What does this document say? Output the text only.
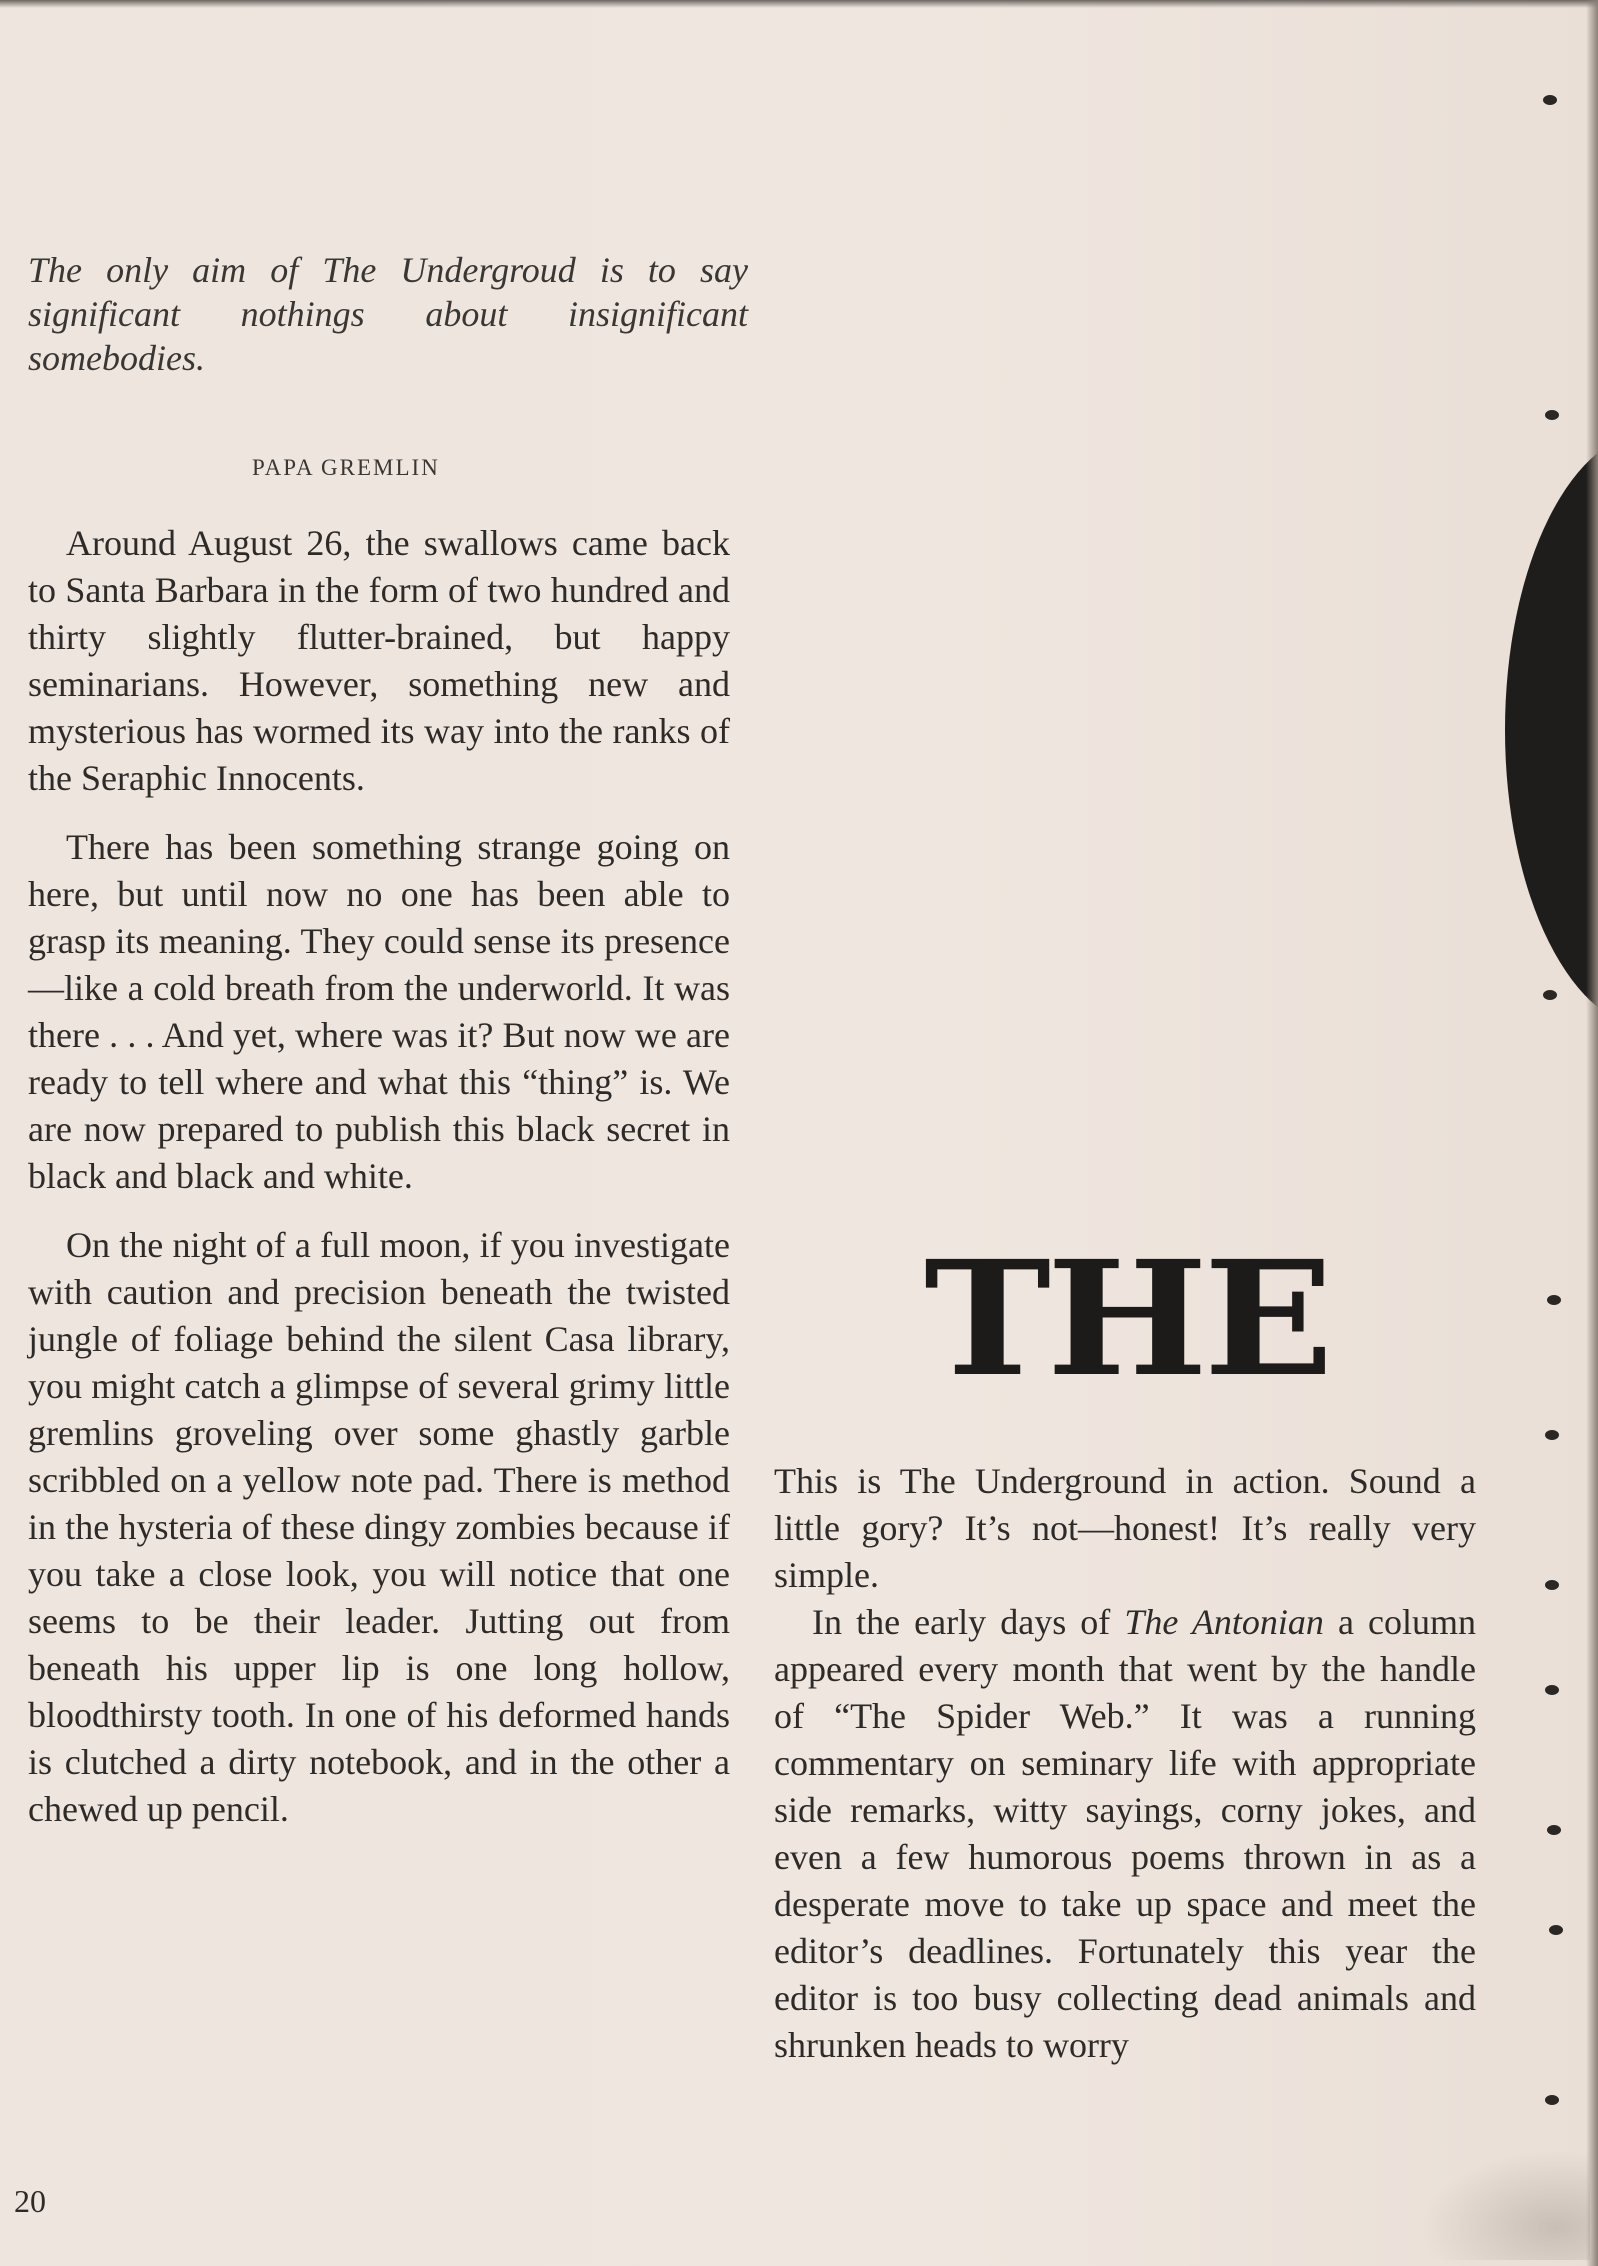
The only aim of The Undergroud is to say significant nothings about insignificant somebodies.
PAPA GREMLIN

Around August 26, the swallows came back to Santa Barbara in the form of two hundred and thirty slightly flutter-brained, but happy seminarians. However, something new and mysterious has wormed its way into the ranks of the Seraphic Innocents.

There has been something strange going on here, but until now no one has been able to grasp its meaning. They could sense its presence—like a cold breath from the underworld. It was there . . . And yet, where was it? But now we are ready to tell where and what this “thing” is. We are now prepared to publish this black secret in black and black and white.

On the night of a full moon, if you investigate with caution and precision beneath the twisted jungle of foliage behind the silent Casa library, you might catch a glimpse of several grimy little gremlins groveling over some ghastly garble scribbled on a yellow note pad. There is method in the hysteria of these dingy zombies because if you take a close look, you will notice that one seems to be their leader. Jutting out from beneath his upper lip is one long hollow, bloodthirsty tooth. In one of his deformed hands is clutched a dirty notebook, and in the other a chewed up pencil.

THE

This is The Underground in action. Sound a little gory? It’s not—honest! It’s really very simple.

In the early days of The Antonian a column appeared every month that went by the handle of “The Spider Web.” It was a running commentary on seminary life with appropriate side remarks, witty sayings, corny jokes, and even a few humorous poems thrown in as a desperate move to take up space and meet the editor’s deadlines. Fortunately this year the editor is too busy collecting dead animals and shrunken heads to worry

20
